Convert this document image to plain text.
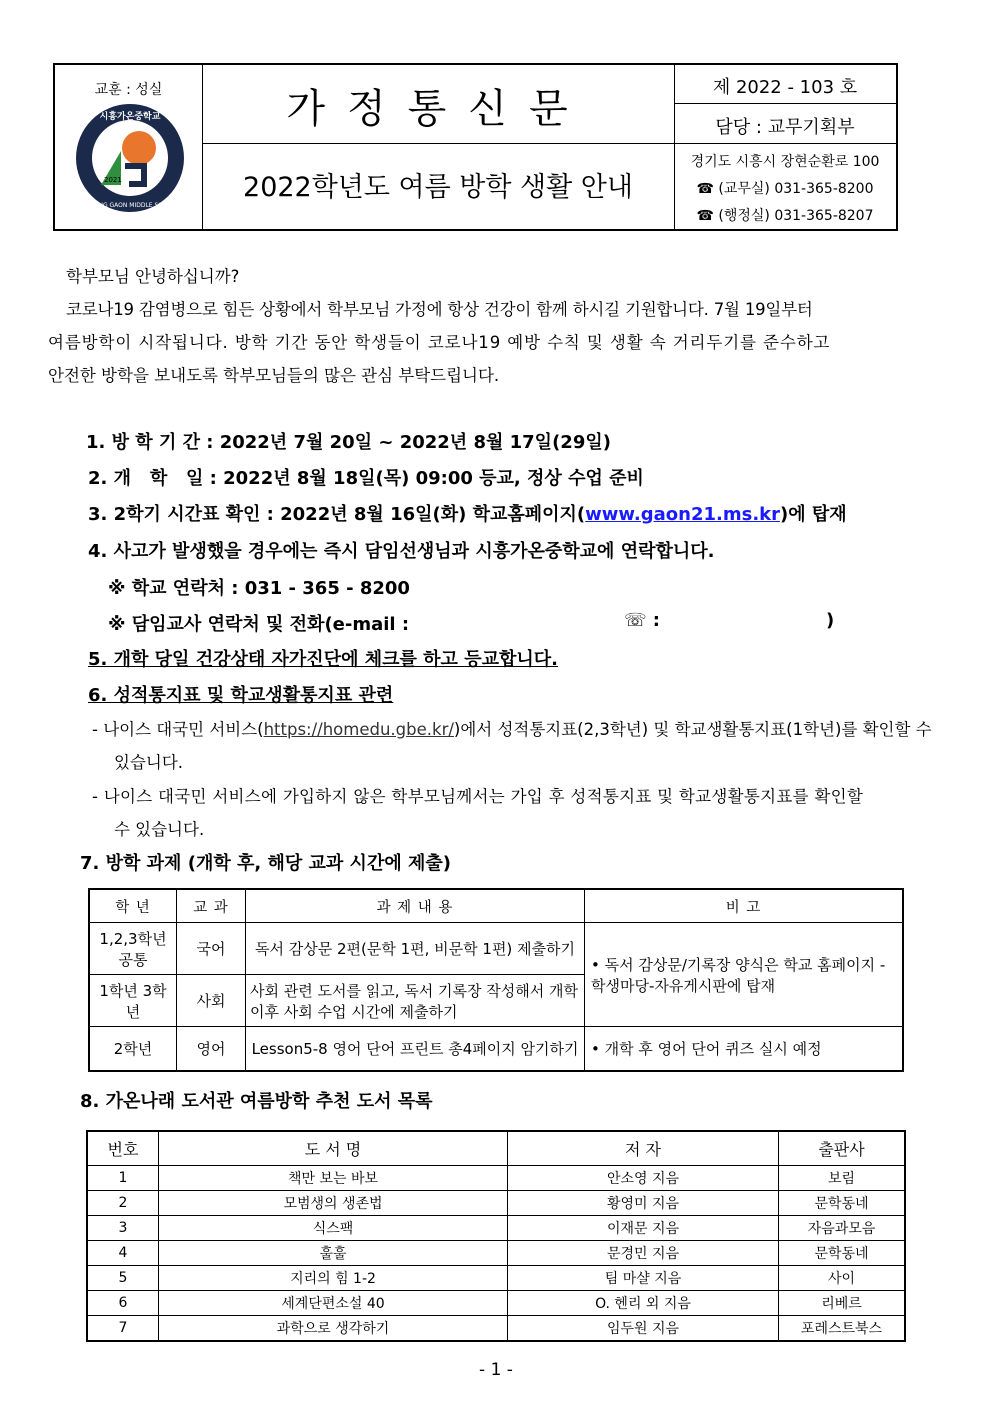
교훈 : 성실
2021
시흥가온중학교
SIHEUNG GAON MIDDLE SCHOOL
가정통신문
2022학년도 여름 방학 생활 안내
제 2022 - 103 호
담당 : 교무기획부
경기도 시흥시 장현순환로 100
☎ (교무실) 031-365-8200
☎ (행정실) 031-365-8207
학부모님 안녕하십니까?
코로나19 감염병으로 힘든 상황에서 학부모님 가정에 항상 건강이 함께 하시길 기원합니다. 7월 19일부터
여름방학이 시작됩니다. 방학 기간 동안 학생들이 코로나19 예방 수칙 및 생활 속 거리두기를 준수하고
안전한 방학을 보내도록 학부모님들의 많은 관심 부탁드립니다.
1. 방 학 기 간 : 2022년 7월 20일 ~ 2022년 8월 17일(29일)
2. 개   학   일 : 2022년 8월 18일(목) 09:00 등교, 정상 수업 준비
3. 2학기 시간표 확인 : 2022년 8월 16일(화) 학교홈페이지(www.gaon21.ms.kr)에 탑재
4. 사고가 발생했을 경우에는 즉시 담임선생님과 시흥가온중학교에 연락합니다.
※ 학교 연락처 : 031 - 365 - 8200
※ 담임교사 연락처 및 전화(e-mail :	☏ :	)
5. 개학 당일 건강상태 자가진단에 체크를 하고 등교합니다.
6. 성적통지표 및 학교생활통지표 관련
- 나이스 대국민 서비스(https://homedu.gbe.kr/)에서 성적통지표(2,3학년) 및 학교생활통지표(1학년)를 확인할 수
있습니다.
- 나이스 대국민 서비스에 가입하지 않은 학부모님께서는 가입 후 성적통지표 및 학교생활통지표를 확인할
수 있습니다.
7. 방학 과제 (개학 후, 해당 교과 시간에 제출)
학 년	교 과	과 제 내 용	비 고
1,2,3학년 공통	국어	독서 감상문 2편(문학 1편, 비문학 1편) 제출하기	• 독서 감상문/기록장 양식은 학교 홈페이지 -학생마당-자유게시판에 탑재
1학년 3학년	사회	사회 관련 도서를 읽고, 독서 기록장 작성해서 개학 이후 사회 수업 시간에 제출하기	
2학년	영어	Lesson5-8 영어 단어 프린트 총4페이지 암기하기	• 개학 후 영어 단어 퀴즈 실시 예정
8. 가온나래 도서관 여름방학 추천 도서 목록
번호	도 서 명	저 자	출판사
1	책만 보는 바보	안소영 지음	보림
2	모범생의 생존법	황영미 지음	문학동네
3	식스팩	이재문 지음	자음과모음
4	훌훌	문경민 지음	문학동네
5	지리의 힘 1-2	팀 마샬 지음	사이
6	세계단편소설 40	O. 헨리 외 지음	리베르
7	과학으로 생각하기	임두원 지음	포레스트북스
- 1 -
